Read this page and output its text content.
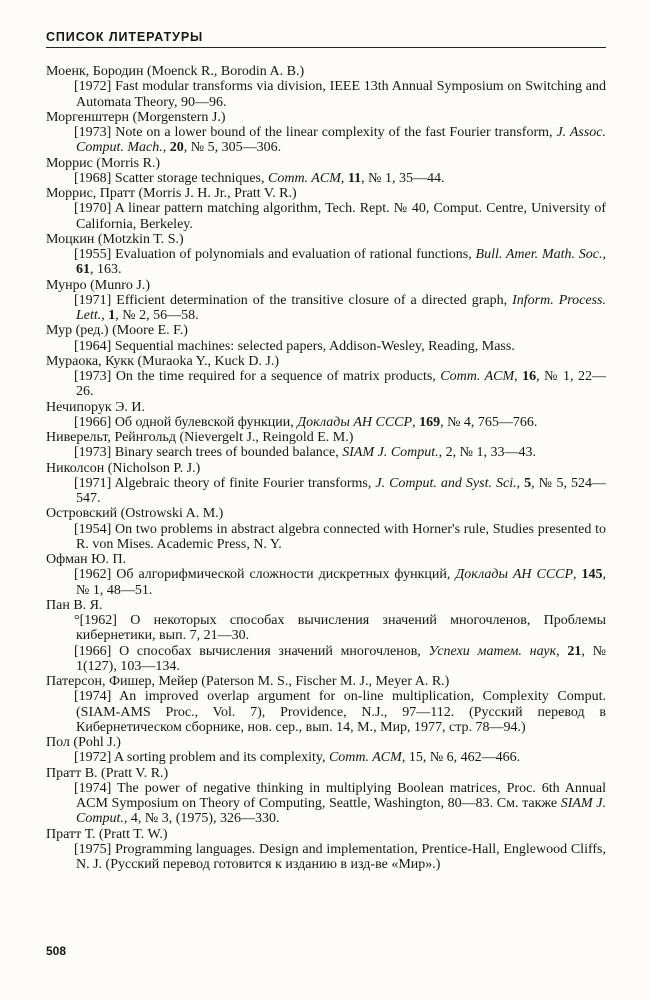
СПИСОК ЛИТЕРАТУРЫ
Моенк, Бородин (Moenck R., Borodin A. B.)
[1972] Fast modular transforms via division, IEEE 13th Annual Symposium on Switching and Automata Theory, 90—96.
Моргенштерн (Morgenstern J.)
[1973] Note on a lower bound of the linear complexity of the fast Fourier transform, J. Assoc. Comput. Mach., 20, № 5, 305—306.
Моррис (Morris R.)
[1968] Scatter storage techniques, Comm. ACM, 11, № 1, 35—44.
Моррис, Пратт (Morris J. H. Jr., Pratt V. R.)
[1970] A linear pattern matching algorithm, Tech. Rept. № 40, Comput. Centre, University of California, Berkeley.
Моцкин (Motzkin T. S.)
[1955] Evaluation of polynomials and evaluation of rational functions, Bull. Amer. Math. Soc., 61, 163.
Мунро (Munro J.)
[1971] Efficient determination of the transitive closure of a directed graph, Inform. Process. Lett., 1, № 2, 56—58.
Мур (ред.) (Moore E. F.)
[1964] Sequential machines: selected papers, Addison-Wesley, Reading, Mass.
Мураока, Кукк (Muraoka Y., Kuck D. J.)
[1973] On the time required for a sequence of matrix products, Comm. ACM, 16, № 1, 22—26.
Нечипорук Э. И.
[1966] Об одной булевской функции, Доклады АН СССР, 169, № 4, 765—766.
Ниверельт, Рейнгольд (Nievergelt J., Reingold E. M.)
[1973] Binary search trees of bounded balance, SIAM J. Comput., 2, № 1, 33—43.
Николсон (Nicholson P. J.)
[1971] Algebraic theory of finite Fourier transforms, J. Comput. and Syst. Sci., 5, № 5, 524—547.
Островский (Ostrowski A. M.)
[1954] On two problems in abstract algebra connected with Horner's rule, Studies presented to R. von Mises. Academic Press, N. Y.
Офман Ю. П.
[1962] Об алгорифмической сложности дискретных функций, Доклады АН СССР, 145, № 1, 48—51.
Пан В. Я.
°[1962] О некоторых способах вычисления значений многочленов, Проблемы кибернетики, вып. 7, 21—30.
[1966] О способах вычисления значений многочленов, Успехи матем. наук, 21, № 1(127), 103—134.
Патерсон, Фишер, Мейер (Paterson M. S., Fischer M. J., Meyer A. R.)
[1974] An improved overlap argument for on-line multiplication, Complexity Comput. (SIAM-AMS Proc., Vol. 7), Providence, N.J., 97—112. (Русский перевод в Кибернетическом сборнике, нов. сер., вып. 14, М., Мир, 1977, стр. 78—94.)
Пол (Pohl J.)
[1972] A sorting problem and its complexity, Comm. ACM, 15, № 6, 462—466.
Пратт В. (Pratt V. R.)
[1974] The power of negative thinking in multiplying Boolean matrices, Proc. 6th Annual ACM Symposium on Theory of Computing, Seattle, Washington, 80—83. См. также SIAM J. Comput., 4, № 3, (1975), 326—330.
Пратт Т. (Pratt T. W.)
[1975] Programming languages. Design and implementation, Prentice-Hall, Englewood Cliffs, N. J. (Русский перевод готовится к изданию в изд-ве «Мир».)
508
